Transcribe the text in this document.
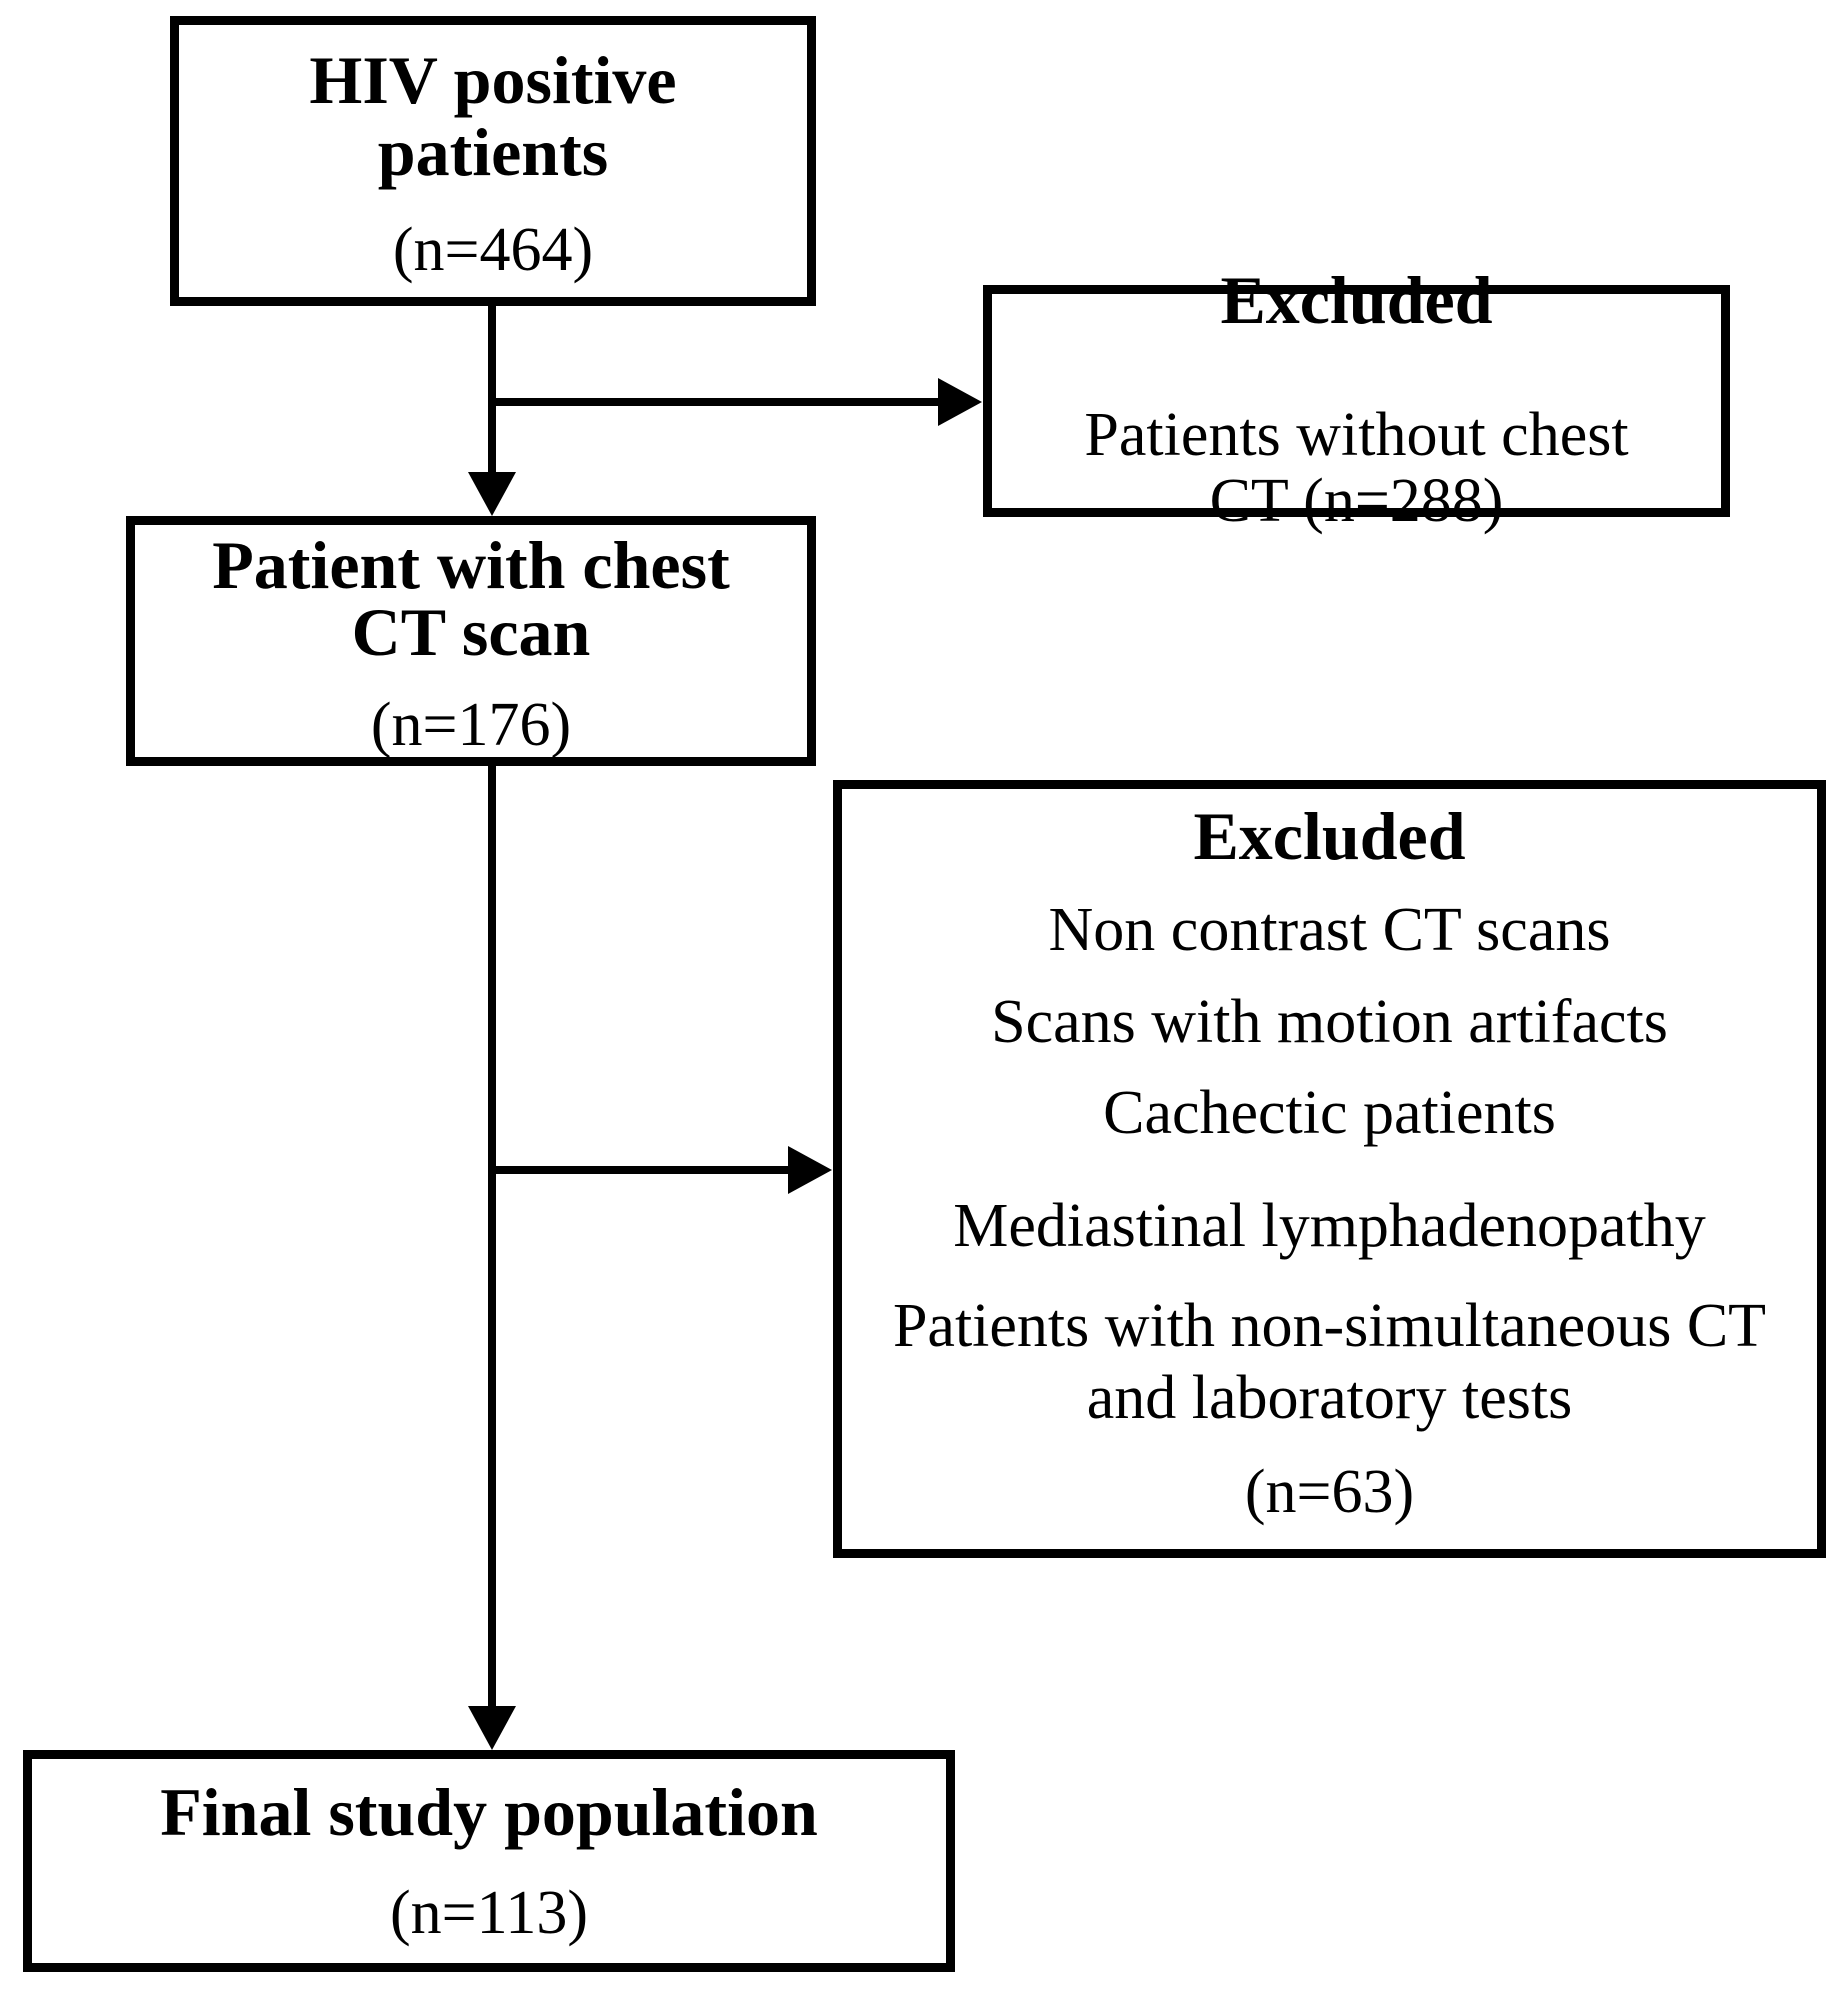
HIV positive
patients
(n=464)
Excluded
Patients without chest
CT (n=288)
Patient with chest
CT scan
(n=176)
Excluded
Non contrast CT scans
Scans with motion artifacts
Cachectic patients
Mediastinal lymphadenopathy
Patients with non-simultaneous CT and laboratory tests
(n=63)
Final study population
(n=113)
